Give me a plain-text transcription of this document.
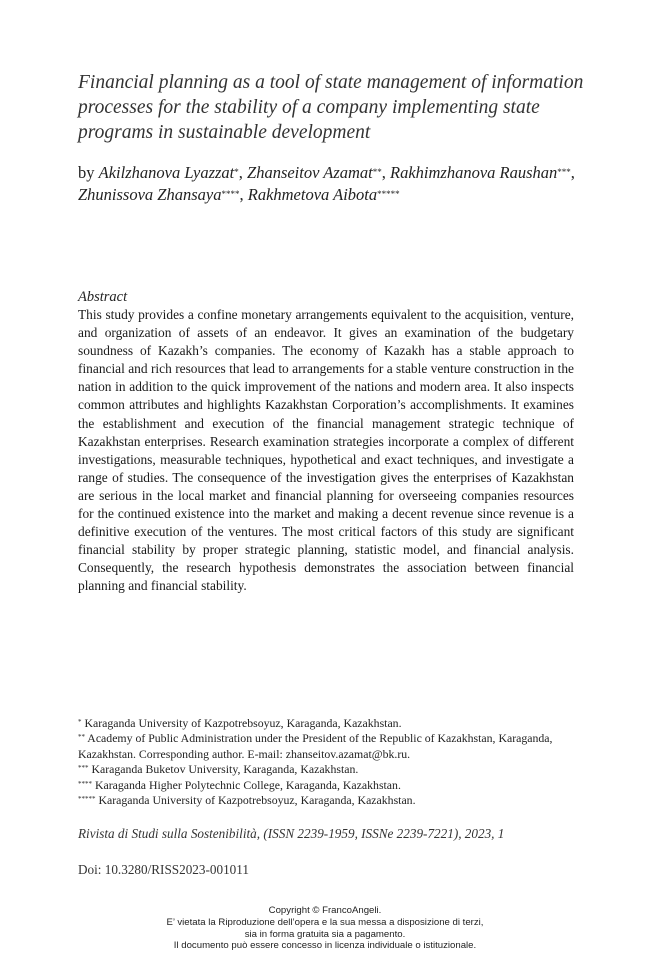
Financial planning as a tool of state management of information processes for the stability of a company implementing state programs in sustainable development
by Akilzhanova Lyazzat*, Zhanseitov Azamat**, Rakhimzhanova Raushan***, Zhunissova Zhansaya****, Rakhmetova Aibota*****
Abstract

This study provides a confine monetary arrangements equivalent to the acquisition, venture, and organization of assets of an endeavor. It gives an examination of the budgetary soundness of Kazakh’s companies. The economy of Kazakh has a stable approach to financial and rich resources that lead to arrangements for a stable venture construction in the nation in addition to the quick improvement of the nations and modern area. It also inspects common attributes and highlights Kazakhstan Corporation’s accomplishments. It examines the establishment and execution of the financial management strategic technique of Kazakhstan enterprises. Research examination strategies incorporate a complex of different investigations, measurable techniques, hypothetical and exact techniques, and investigate a range of studies. The consequence of the investigation gives the enterprises of Kazakhstan are serious in the local market and financial planning for overseeing companies resources for the continued existence into the market and making a decent revenue since revenue is a definitive execution of the ventures. The most critical factors of this study are significant financial stability by proper strategic planning, statistic model, and financial analysis. Consequently, the research hypothesis demonstrates the association between financial planning and financial stability.

* Karaganda University of Kazpotrebsoyuz, Karaganda, Kazakhstan.

** Academy of Public Administration under the President of the Republic of Kazakhstan, Karaganda, Kazakhstan. Corresponding author. E-mail: zhanseitov.azamat@bk.ru.

*** Karaganda Buketov University, Karaganda, Kazakhstan.

**** Karaganda Higher Polytechnic College, Karaganda, Kazakhstan.

***** Karaganda University of Kazpotrebsoyuz, Karaganda, Kazakhstan.

Rivista di Studi sulla Sostenibilità, (ISSN 2239-1959, ISSNe 2239-7221), 2023, 1
Doi: 10.3280/RISS2023-001011
Copyright © FrancoAngeli.
E’ vietata la Riproduzione dell’opera e la sua messa a disposizione di terzi,
sia in forma gratuita sia a pagamento.
Il documento può essere concesso in licenza individuale o istituzionale.
